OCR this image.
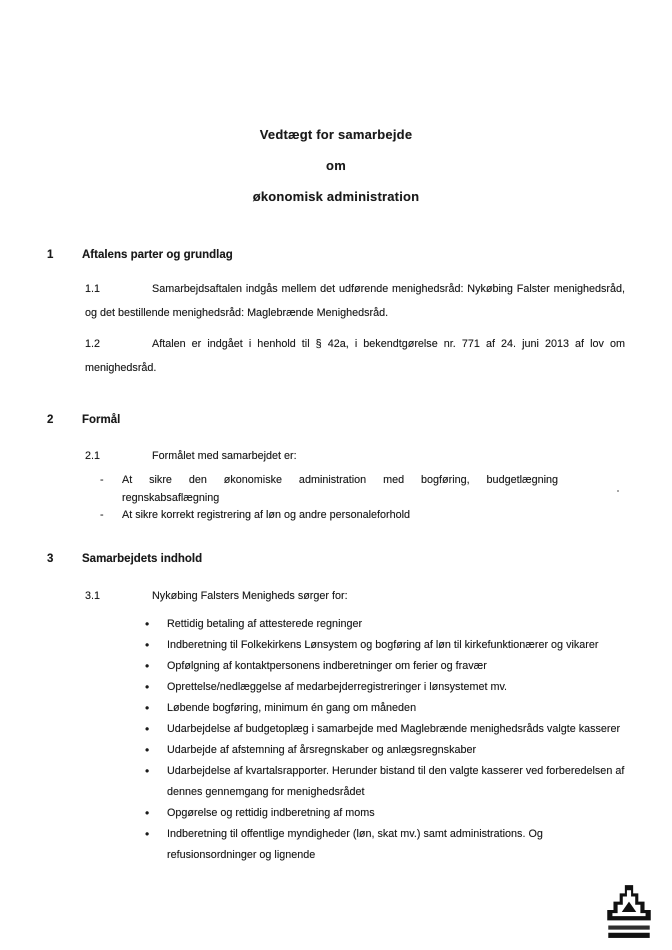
Vedtægt for samarbejde
om
økonomisk administration
1 Aftalens parter og grundlag

1.1	Samarbejdsaftalen indgås mellem det udførende menighedsråd: Nykøbing Falster menighedsråd, og det bestillende menighedsråd: Maglebrænde Menighedsråd.

1.2	Aftalen er indgået i henhold til § 42a, i bekendtgørelse nr. 771 af 24. juni 2013 af lov om menighedsråd.

2 Formål

2.1	Formålet med samarbejdet er:

- At sikre den økonomiske administration med bogføring, budgetlægning regnskabsaflægning
- At sikre korrekt registrering af løn og andre personaleforhold
3 Samarbejdets indhold

3.1	Nykøbing Falsters Menigheds sørger for:

• Rettidig betaling af attesterede regninger
• Indberetning til Folkekirkens Lønsystem og bogføring af løn til kirkefunktionærer og vikarer
• Opfølgning af kontaktpersonens indberetninger om ferier og fravær
• Oprettelse/nedlæggelse af medarbejderregistreringer i lønsystemet mv.
• Løbende bogføring, minimum én gang om måneden
• Udarbejdelse af budgetoplæg i samarbejde med Maglebrænde menighedsråds valgte kasserer
• Udarbejde af afstemning af årsregnskaber og anlægsregnskaber
• Udarbejdelse af kvartalsrapporter. Herunder bistand til den valgte kasserer ved forberedelsen af dennes gennemgang for menighedsrådet
• Opgørelse og rettidig indberetning af moms
• Indberetning til offentlige myndigheder (løn, skat mv.) samt administrations. Og refusionsordninger og lignende
